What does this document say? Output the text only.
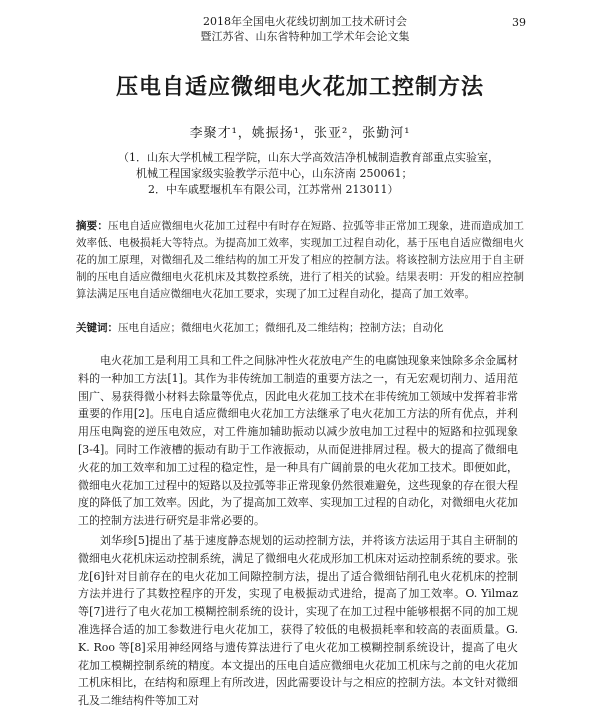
2018年全国电火花线切割加工技术研讨会
暨江苏省、山东省特种加工学术年会论文集
39
压电自适应微细电火花加工控制方法
李聚才¹，姚振扬¹，张亚²，张勤河¹

（1．山东大学机械工程学院，山东大学高效洁净机械制造教育部重点实验室，

机械工程国家级实验教学示范中心，山东济南 250061；

2．中车戚墅堰机车有限公司，江苏常州 213011）

摘要：压电自适应微细电火花加工过程中有时存在短路、拉弧等非正常加工现象，进而造成加工效率低、电极损耗大等特点。为提高加工效率，实现加工过程自动化，基于压电自适应微细电火花的加工原理，对微细孔及二维结构的加工开发了相应的控制方法。将该控制方法应用于自主研制的压电自适应微细电火花机床及其数控系统，进行了相关的试验。结果表明：开发的相应控制算法满足压电自适应微细电火花加工要求，实现了加工过程自动化，提高了加工效率。
关键词：压电自适应；微细电火花加工；微细孔及二维结构；控制方法；自动化

电火花加工是利用工具和工件之间脉冲性火花放电产生的电腐蚀现象来蚀除多余金属材料的一种加工方法[1]。其作为非传统加工制造的重要方法之一，有无宏观切削力、适用范围广、易获得微小材料去除量等优点，因此电火花加工技术在非传统加工领域中发挥着非常重要的作用[2]。压电自适应微细电火花加工方法继承了电火花加工方法的所有优点，并利用压电陶瓷的逆压电效应，对工件施加辅助振动以减少放电加工过程中的短路和拉弧现象[3-4]。同时工作液槽的振动有助于工作液振动，从而促进排屑过程。极大的提高了微细电火花的加工效率和加工过程的稳定性，是一种具有广阔前景的电火花加工技术。即便如此，微细电火花加工过程中的短路以及拉弧等非正常现象仍然很难避免，这些现象的存在很大程度的降低了加工效率。因此，为了提高加工效率、实现加工过程的自动化，对微细电火花加工的控制方法进行研究是非常必要的。

刘华珍[5]提出了基于速度静态规划的运动控制方法，并将该方法运用于其自主研制的微细电火花机床运动控制系统，满足了微细电火花成形加工机床对运动控制系统的要求。张龙[6]针对目前存在的电火花加工间隙控制方法，提出了适合微细钻削孔电火花机床的控制方法并进行了其数控程序的开发，实现了电极振动式进给，提高了加工效率。O. Yilmaz 等[7]进行了电火花加工模糊控制系统的设计，实现了在加工过程中能够根据不同的加工规准选择合适的加工参数进行电火花加工，获得了较低的电极损耗率和较高的表面质量。G. K. Roo 等[8]采用神经网络与遗传算法进行了电火花加工模糊控制系统设计，提高了电火花加工模糊控制系统的精度。本文提出的压电自适应微细电火花加工机床与之前的电火花加工机床相比，在结构和原理上有所改进，因此需要设计与之相应的控制方法。本文针对微细孔及二维结构件等加工对
